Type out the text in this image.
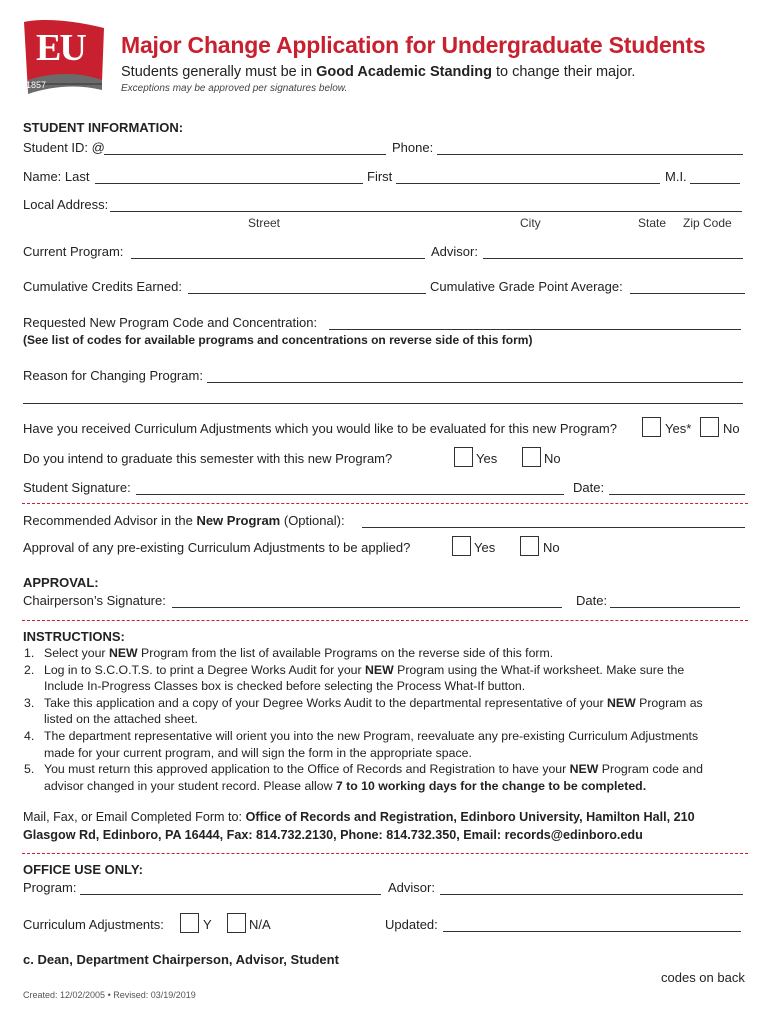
EU
1857
Major Change Application for Undergraduate Students
Students generally must be in Good Academic Standing to change their major.
Exceptions may be approved per signatures below.
STUDENT INFORMATION:
Student ID: @	Phone:
Name: Last	First	M.I.
Local Address:
Street	City	State Zip Code
Current Program:	Advisor:
Cumulative Credits Earned:	Cumulative Grade Point Average:
Requested New Program Code and Concentration:
(See list of codes for available programs and concentrations on reverse side of this form)
Reason for Changing Program:
Have you received Curriculum Adjustments which you would like to be evaluated for this new Program?	Yes* No
Do you intend to graduate this semester with this new Program?	Yes	No
Student Signature:	Date:
Recommended Advisor in the New Program (Optional):
Approval of any pre-existing Curriculum Adjustments to be applied?	Yes	No
APPROVAL:
Chairperson’s Signature:	Date:
INSTRUCTIONS:
1. Select your NEW Program from the list of available Programs on the reverse side of this form.
2. Log in to S.C.O.T.S. to print a Degree Works Audit for your NEW Program using the What-if worksheet. Make sure the
Include In-Progress Classes box is checked before selecting the Process What-If button.
3. Take this application and a copy of your Degree Works Audit to the departmental representative of your NEW Program as
listed on the attached sheet.
4. The department representative will orient you into the new Program, reevaluate any pre-existing Curriculum Adjustments
made for your current program, and will sign the form in the appropriate space.
5. You must return this approved application to the Office of Records and Registration to have your NEW Program code and
advisor changed in your student record. Please allow 7 to 10 working days for the change to be completed.
Mail, Fax, or Email Completed Form to: Office of Records and Registration, Edinboro University, Hamilton Hall, 210
Glasgow Rd, Edinboro, PA 16444, Fax: 814.732.2130, Phone: 814.732.350, Email: records@edinboro.edu
OFFICE USE ONLY:
Program:	Advisor:
Curriculum Adjustments:	Y	N/A	Updated:
c. Dean, Department Chairperson, Advisor, Student
codes on back
Created: 12/02/2005 • Revised: 03/19/2019
